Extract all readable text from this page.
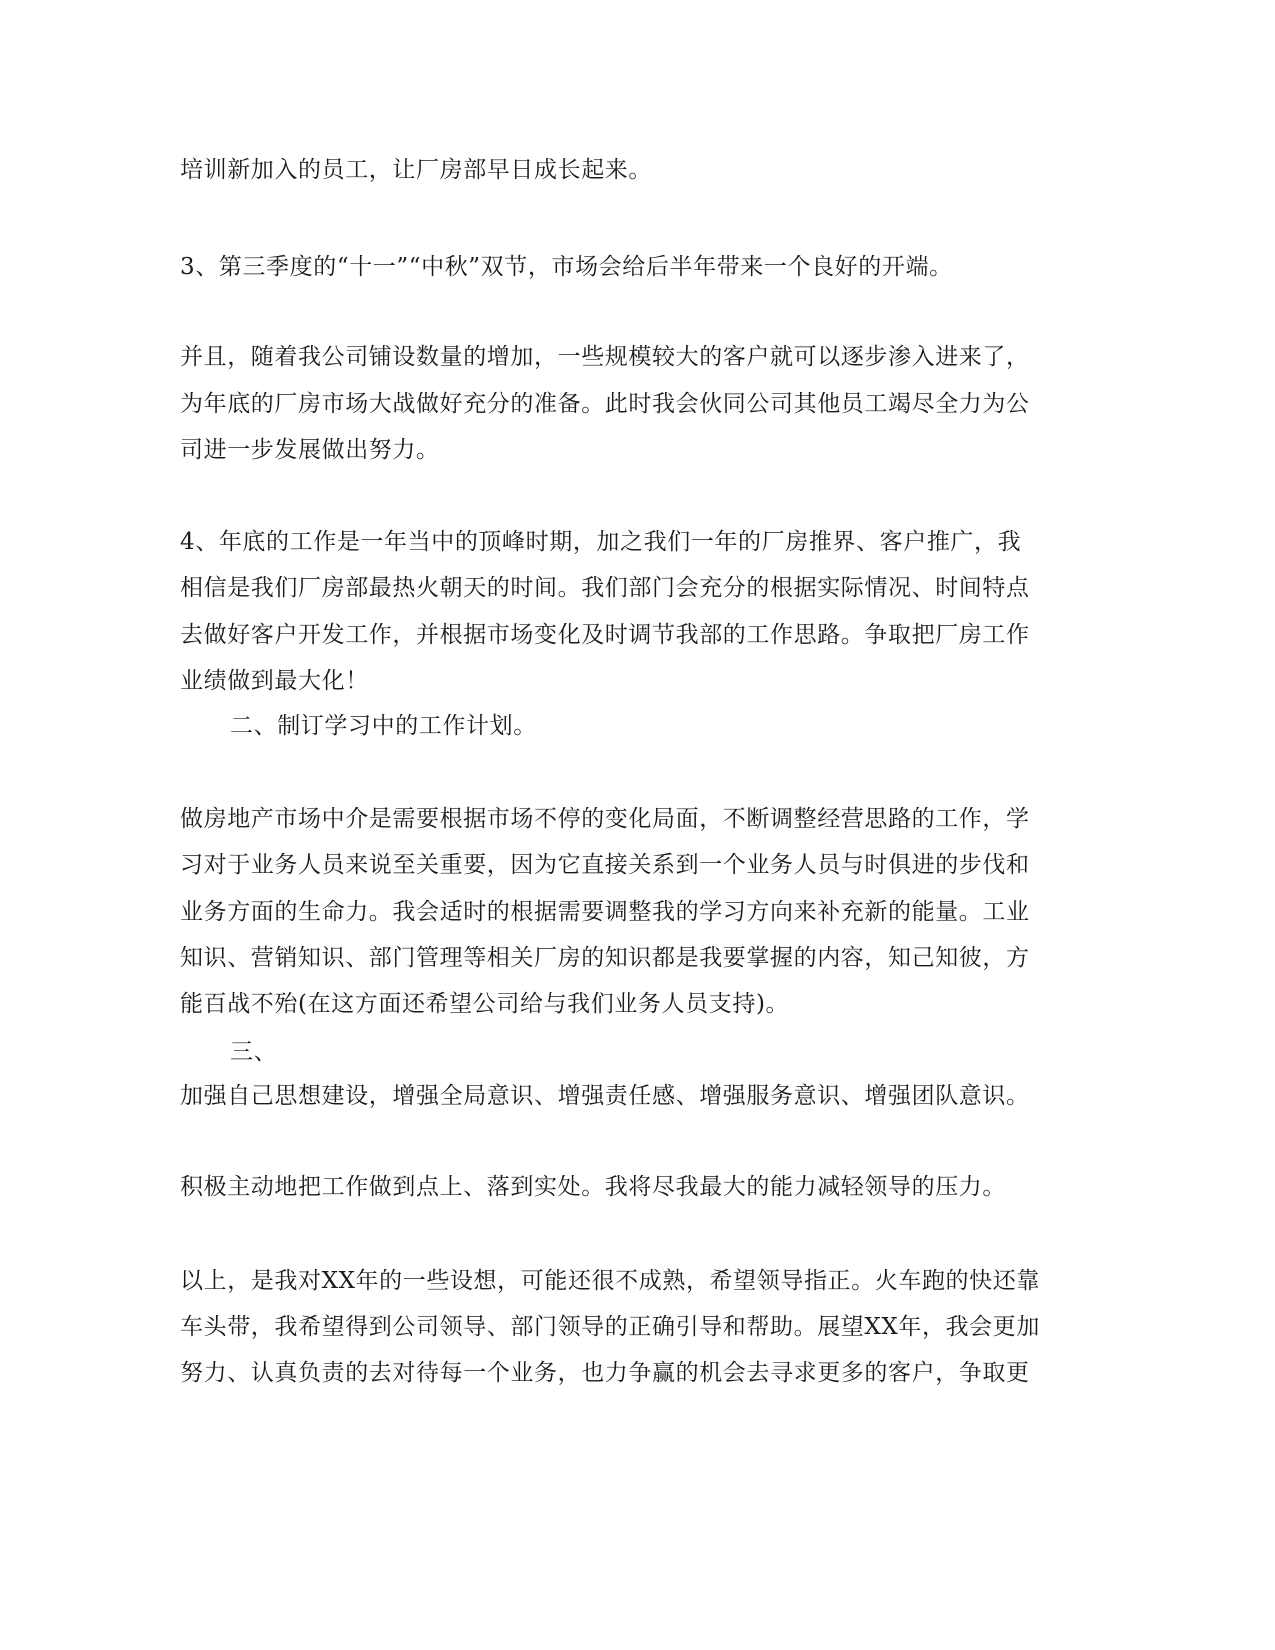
培训新加入的员工，让厂房部早日成长起来。
3、第三季度的“十一”“中秋”双节，市场会给后半年带来一个良好的开端。
并且，随着我公司铺设数量的增加，一些规模较大的客户就可以逐步渗入进来了，
为年底的厂房市场大战做好充分的准备。此时我会伙同公司其他员工竭尽全力为公
司进一步发展做出努力。
4、年底的工作是一年当中的顶峰时期，加之我们一年的厂房推界、客户推广，我
相信是我们厂房部最热火朝天的时间。我们部门会充分的根据实际情况、时间特点
去做好客户开发工作，并根据市场变化及时调节我部的工作思路。争取把厂房工作
业绩做到最大化！
二、制订学习中的工作计划。
做房地产市场中介是需要根据市场不停的变化局面，不断调整经营思路的工作，学
习对于业务人员来说至关重要，因为它直接关系到一个业务人员与时俱进的步伐和
业务方面的生命力。我会适时的根据需要调整我的学习方向来补充新的能量。工业
知识、营销知识、部门管理等相关厂房的知识都是我要掌握的内容，知己知彼，方
能百战不殆(在这方面还希望公司给与我们业务人员支持)。
三、
加强自己思想建设，增强全局意识、增强责任感、增强服务意识、增强团队意识。
积极主动地把工作做到点上、落到实处。我将尽我最大的能力减轻领导的压力。
以上，是我对XX年的一些设想，可能还很不成熟，希望领导指正。火车跑的快还靠
车头带，我希望得到公司领导、部门领导的正确引导和帮助。展望XX年，我会更加
努力、认真负责的去对待每一个业务，也力争赢的机会去寻求更多的客户，争取更
